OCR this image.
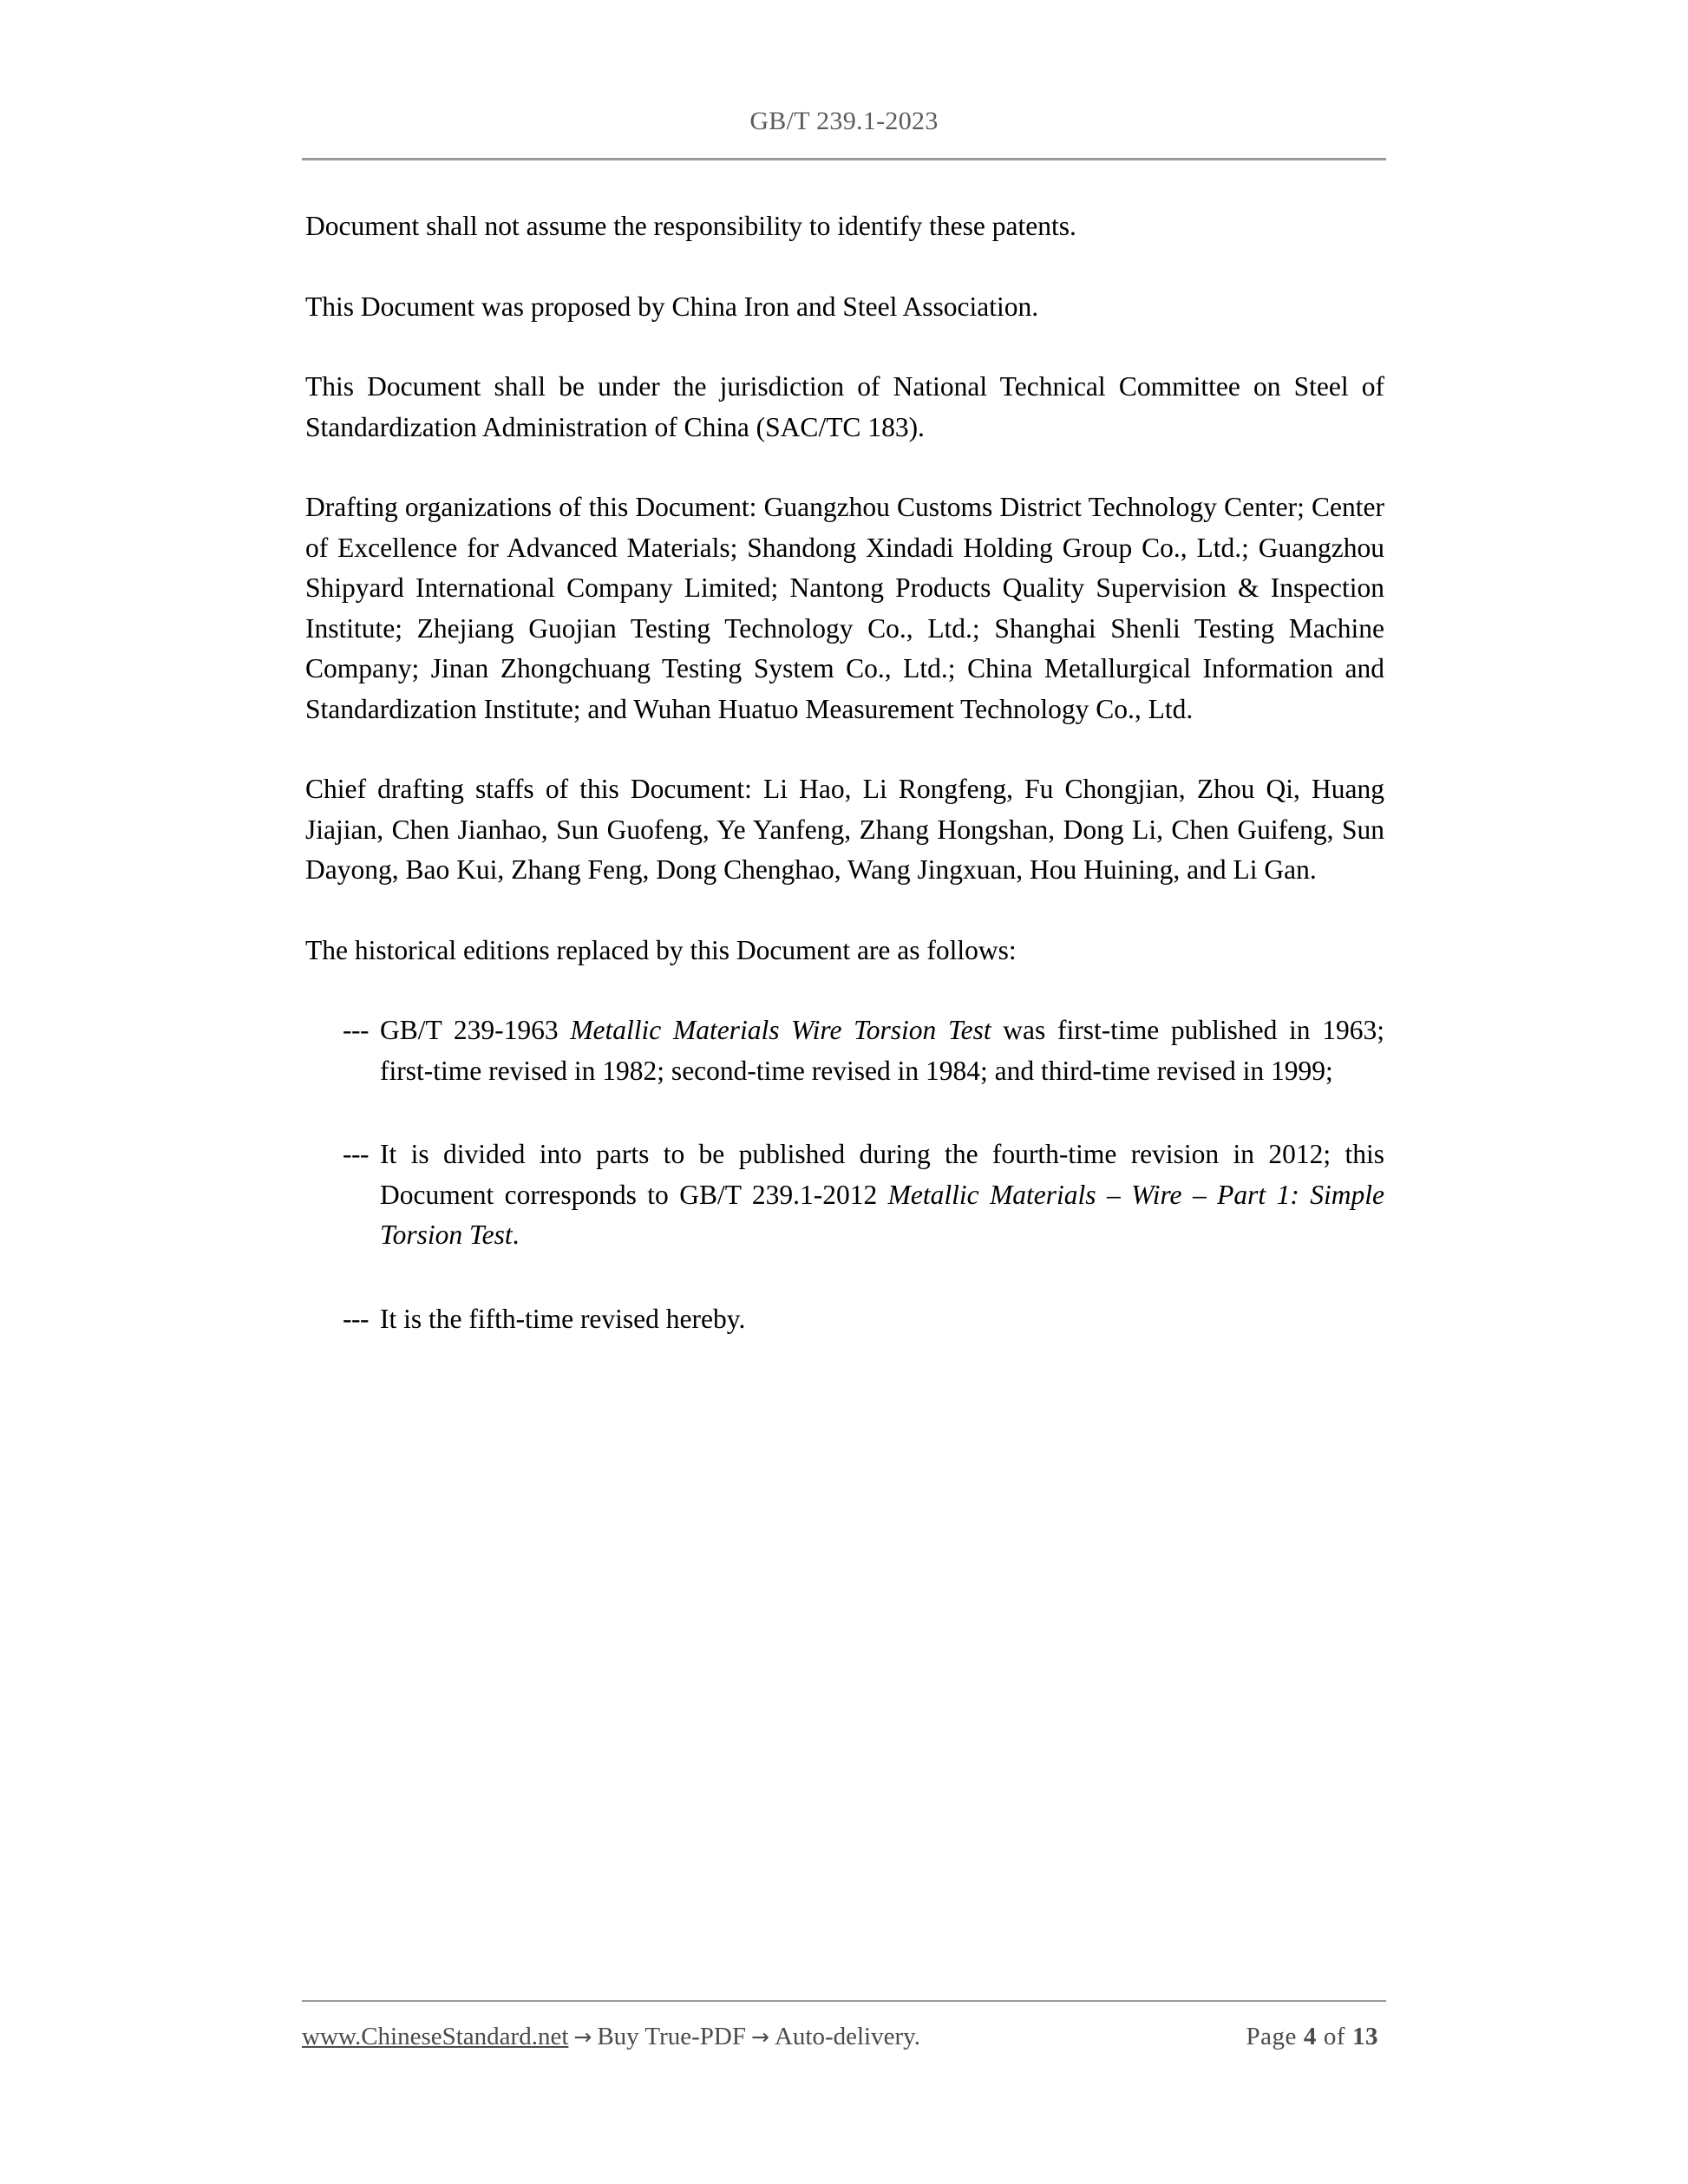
GB/T 239.1-2023

Document shall not assume the responsibility to identify these patents.

This Document was proposed by China Iron and Steel Association.

This Document shall be under the jurisdiction of National Technical Committee on Steel of Standardization Administration of China (SAC/TC 183).

Drafting organizations of this Document: Guangzhou Customs District Technology Center; Center of Excellence for Advanced Materials; Shandong Xindadi Holding Group Co., Ltd.; Guangzhou Shipyard International Company Limited; Nantong Products Quality Supervision & Inspection Institute; Zhejiang Guojian Testing Technology Co., Ltd.; Shanghai Shenli Testing Machine Company; Jinan Zhongchuang Testing System Co., Ltd.; China Metallurgical Information and Standardization Institute; and Wuhan Huatuo Measurement Technology Co., Ltd.

Chief drafting staffs of this Document: Li Hao, Li Rongfeng, Fu Chongjian, Zhou Qi, Huang Jiajian, Chen Jianhao, Sun Guofeng, Ye Yanfeng, Zhang Hongshan, Dong Li, Chen Guifeng, Sun Dayong, Bao Kui, Zhang Feng, Dong Chenghao, Wang Jingxuan, Hou Huining, and Li Gan.

The historical editions replaced by this Document are as follows:

--- GB/T 239-1963 Metallic Materials Wire Torsion Test was first-time published in 1963; first-time revised in 1982; second-time revised in 1984; and third-time revised in 1999;
--- It is divided into parts to be published during the fourth-time revision in 2012; this Document corresponds to GB/T 239.1-2012 Metallic Materials – Wire – Part 1: Simple Torsion Test.
--- It is the fifth-time revised hereby.
www.ChineseStandard.net → Buy True-PDF → Auto-delivery.	Page 4 of 13
